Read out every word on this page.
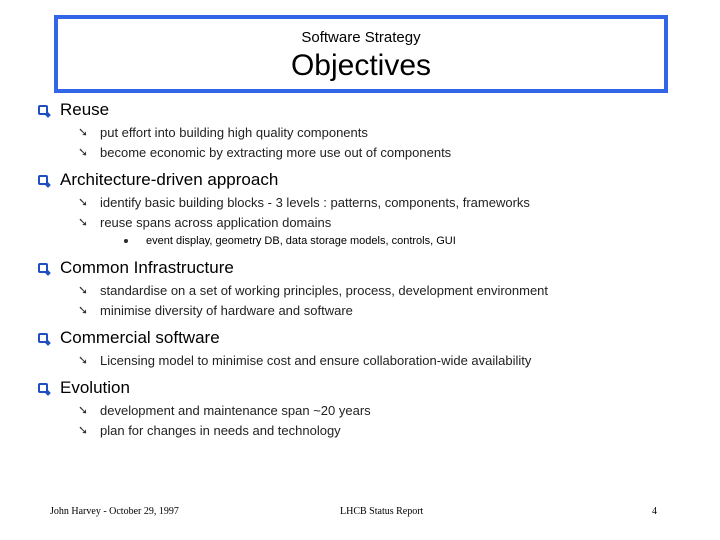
Software Strategy
Objectives
Reuse
➘ put effort into building high quality components
➘ become economic by extracting more use out of components
Architecture-driven approach
➘ identify basic building blocks - 3 levels : patterns, components, frameworks
➘ reuse spans across application domains
event display, geometry DB, data storage models, controls, GUI
Common Infrastructure
➘ standardise on a set of working principles, process, development environment
➘ minimise diversity of hardware and software
Commercial software
➘ Licensing model to minimise cost and ensure collaboration-wide availability
Evolution
➘ development and maintenance span ~20 years
➘ plan for changes in needs and technology
John Harvey - October 29, 1997	LHCB Status Report	4
